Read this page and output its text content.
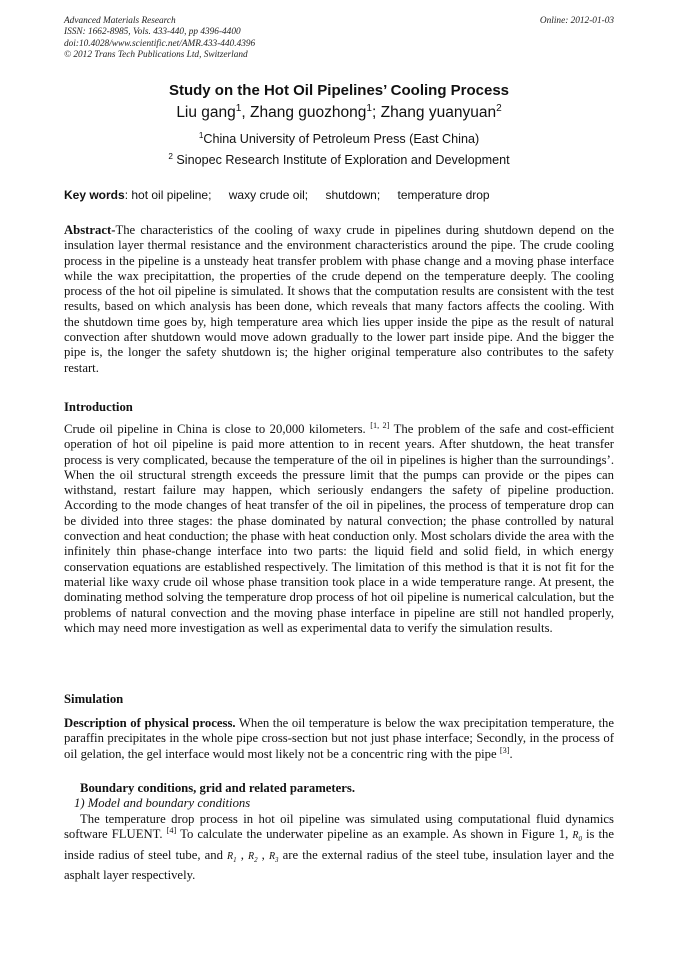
Advanced Materials Research
ISSN: 1662-8985, Vols. 433-440, pp 4396-4400
doi:10.4028/www.scientific.net/AMR.433-440.4396
© 2012 Trans Tech Publications Ltd, Switzerland
Online: 2012-01-03
Study on the Hot Oil Pipelines’ Cooling Process
Liu gang$^1$, Zhang guozhong$^1$; Zhang yuanyuan$^2$
$^1$China University of Petroleum Press (East China)
$^2$ Sinopec Research Institute of Exploration and Development
Key words: hot oil pipeline; waxy crude oil; shutdown; temperature drop
Abstract-The characteristics of the cooling of waxy crude in pipelines during shutdown depend on the insulation layer thermal resistance and the environment characteristics around the pipe. The crude cooling process in the pipeline is a unsteady heat transfer problem with phase change and a moving phase interface while the wax precipitattion, the properties of the crude depend on the temperature deeply. The cooling process of the hot oil pipeline is simulated. It shows that the computation results are consistent with the test results, based on which analysis has been done, which reveals that many factors affects the cooling. With the shutdown time goes by, high temperature area which lies upper inside the pipe as the result of natural convection after shutdown would move adown gradually to the lower part inside pipe. And the bigger the pipe is, the longer the safety shutdown is; the higher original temperature also contributes to the safety restart.
Introduction
Crude oil pipeline in China is close to 20,000 kilometers. [1, 2] The problem of the safe and cost-efficient operation of hot oil pipeline is paid more attention to in recent years. After shutdown, the heat transfer process is very complicated, because the temperature of the oil in pipelines is higher than the surroundings’. When the oil structural strength exceeds the pressure limit that the pumps can provide or the pipes can withstand, restart failure may happen, which seriously endangers the safety of pipeline production. According to the mode changes of heat transfer of the oil in pipelines, the process of temperature drop can be divided into three stages: the phase dominated by natural convection; the phase controlled by natural convection and heat conduction; the phase with heat conduction only. Most scholars divide the area with the infinitely thin phase-change interface into two parts: the liquid field and solid field, in which energy conservation equations are established respectively. The limitation of this method is that it is not fit for the material like waxy crude oil whose phase transition took place in a wide temperature range. At present, the dominating method solving the temperature drop process of hot oil pipeline is numerical calculation, but the problems of natural convection and the moving phase interface in pipeline are still not handled properly, which may need more investigation as well as experimental data to verify the simulation results.
Simulation
Description of physical process. When the oil temperature is below the wax precipitation temperature, the paraffin precipitates in the whole pipe cross-section but not just phase interface; Secondly, in the process of oil gelation, the gel interface would most likely not be a concentric ring with the pipe [3].
Boundary conditions, grid and related parameters.
1) Model and boundary conditions
The temperature drop process in hot oil pipeline was simulated using computational fluid dynamics software FLUENT. [4] To calculate the underwater pipeline as an example. As shown in Figure 1, $R_0$ is the inside radius of steel tube, and $R_1$ , $R_2$ , $R_3$ are the external radius of the steel tube, insulation layer and the asphalt layer respectively.
